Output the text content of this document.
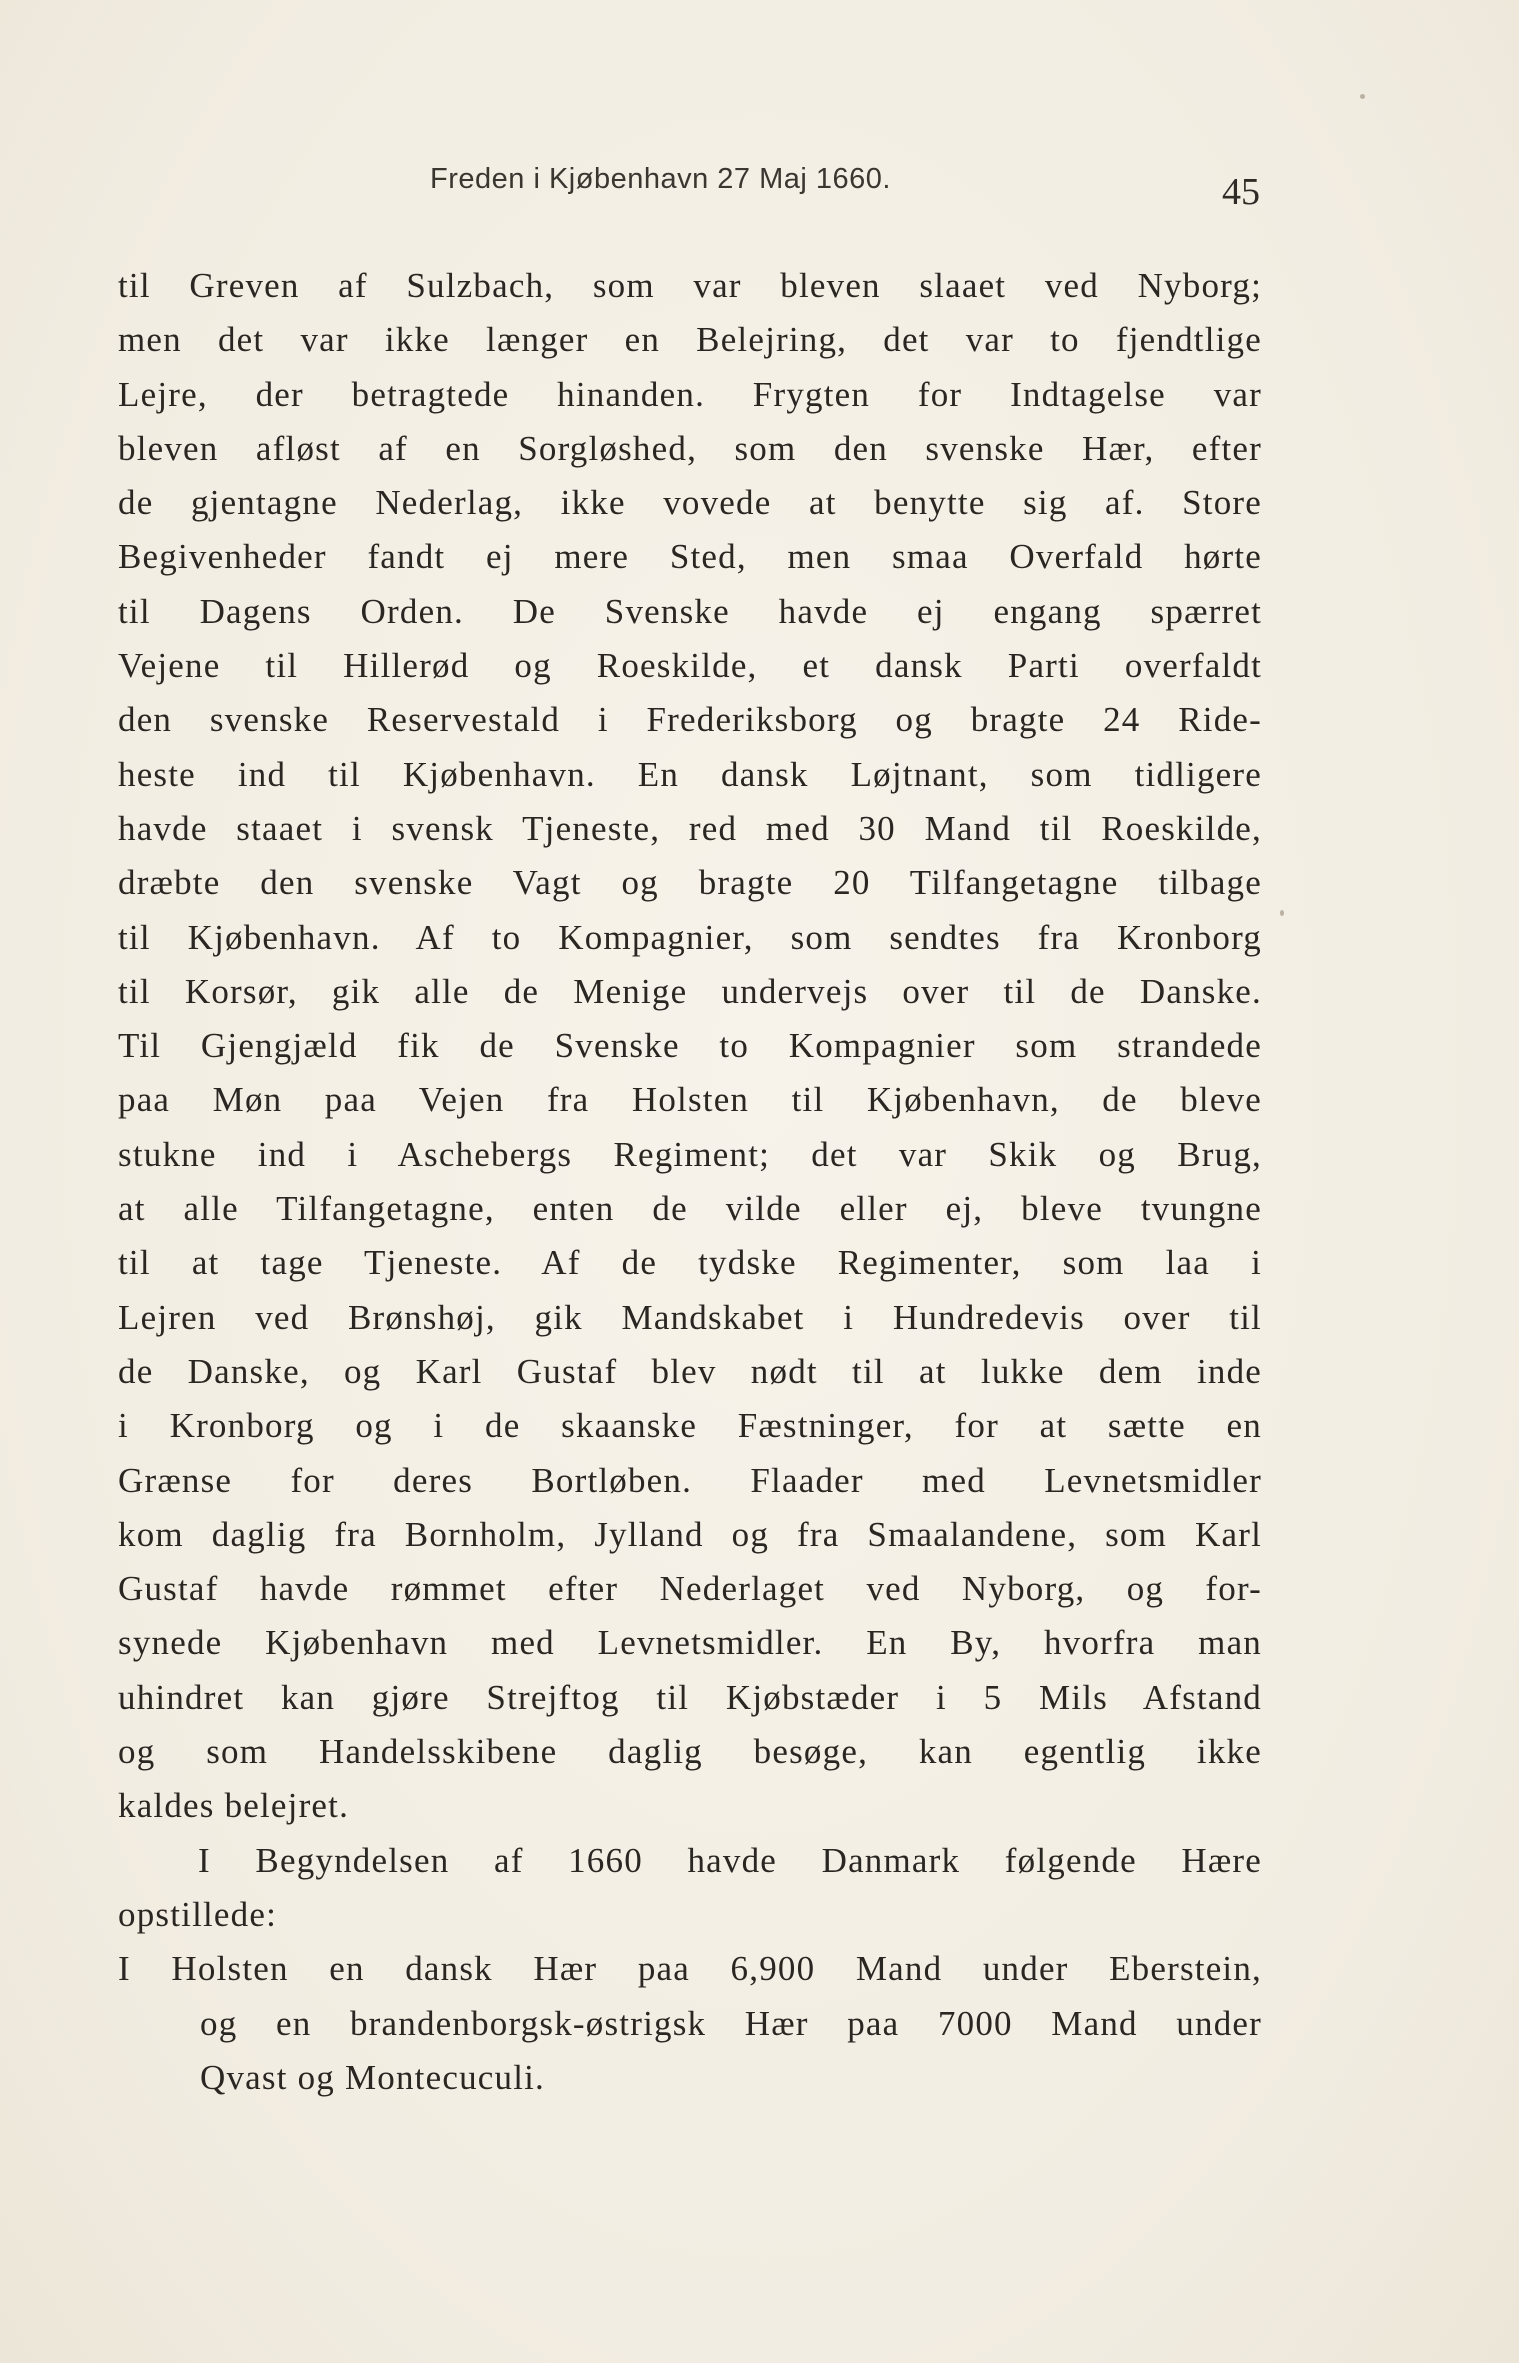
Freden i Kjøbenhavn 27 Maj 1660.	45
til Greven af Sulzbach, som var bleven slaaet ved Nyborg;
men det var ikke længer en Belejring, det var to fjendtlige
Lejre, der betragtede hinanden. Frygten for Indtagelse var
bleven afløst af en Sorgløshed, som den svenske Hær, efter
de gjentagne Nederlag, ikke vovede at benytte sig af. Store
Begivenheder fandt ej mere Sted, men smaa Overfald hørte
til Dagens Orden. De Svenske havde ej engang spærret
Vejene til Hillerød og Roeskilde, et dansk Parti overfaldt
den svenske Reservestald i Frederiksborg og bragte 24 Ride-
heste ind til Kjøbenhavn. En dansk Løjtnant, som tidligere
havde staaet i svensk Tjeneste, red med 30 Mand til Roeskilde,
dræbte den svenske Vagt og bragte 20 Tilfangetagne tilbage
til Kjøbenhavn. Af to Kompagnier, som sendtes fra Kronborg
til Korsør, gik alle de Menige undervejs over til de Danske.
Til Gjengjæld fik de Svenske to Kompagnier som strandede
paa Møn paa Vejen fra Holsten til Kjøbenhavn, de bleve
stukne ind i Aschebergs Regiment; det var Skik og Brug,
at alle Tilfangetagne, enten de vilde eller ej, bleve tvungne
til at tage Tjeneste. Af de tydske Regimenter, som laa i
Lejren ved Brønshøj, gik Mandskabet i Hundredevis over til
de Danske, og Karl Gustaf blev nødt til at lukke dem inde
i Kronborg og i de skaanske Fæstninger, for at sætte en
Grænse for deres Bortløben. Flaader med Levnetsmidler
kom daglig fra Bornholm, Jylland og fra Smaalandene, som Karl
Gustaf havde rømmet efter Nederlaget ved Nyborg, og for-
synede Kjøbenhavn med Levnetsmidler. En By, hvorfra man
uhindret kan gjøre Strejftog til Kjøbstæder i 5 Mils Afstand
og som Handelsskibene daglig besøge, kan egentlig ikke
kaldes belejret.
I Begyndelsen af 1660 havde Danmark følgende Hære
opstillede:
I Holsten en dansk Hær paa 6,900 Mand under Eberstein,
og en brandenborgsk-østrigsk Hær paa 7000 Mand under
Qvast og Montecuculi.
